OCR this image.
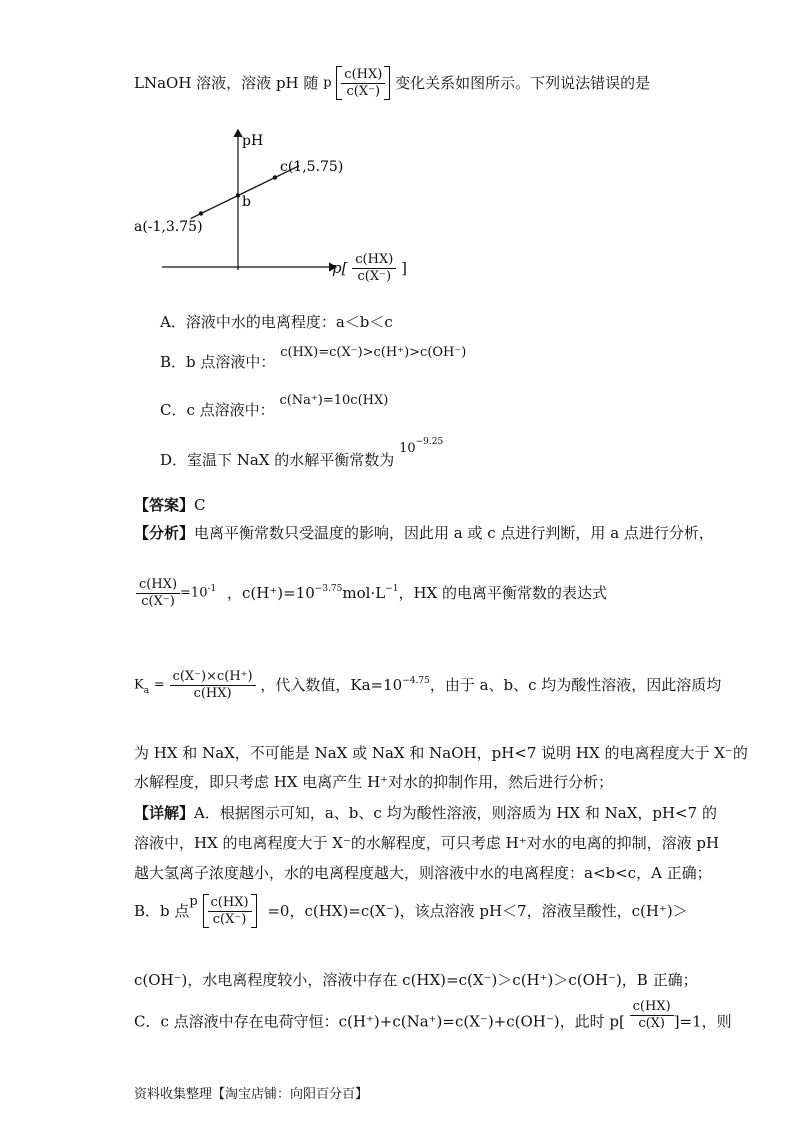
LNaOH 溶液，溶液 pH 随 p $\frac{c(HX)}{c(X^-)}$ 变化关系如图所示。下列说法错误的是
pH
a(-1,3.75)
b
c(1,5.75)
$p[ \frac{c(HX)}{c(X^-)}$ ]
A．溶液中水的电离程度：a＜b＜c
B．b 点溶液中： c(HX)=c(X⁻)>c(H⁺)>c(OH⁻)
C．c 点溶液中： c(Na⁺)=10c(HX)
D．室温下 NaX 的水解平衡常数为 $10^{-9.25}$
【答案】C
【分析】电离平衡常数只受温度的影响，因此用 a 或 c 点进行判断，用 a 点进行分析，
$\frac{c(HX)}{c(X^-)} =10^{-1}$ ，$c(H^+)=10^{-3.75}mol\cdot L^{-1}$，HX 的电离平衡常数的表达式
$K_a = \frac{c(X^-)\times c(H^+)}{c(HX)}$ ，代入数值，$Ka=10^{-4.75}$，由于 a、b、c 均为酸性溶液，因此溶质均
为 HX 和 NaX，不可能是 NaX 或 NaX 和 NaOH，pH<7 说明 HX 的电离程度大于 X⁻的
水解程度，即只考虑 HX 电离产生 H⁺对水的抑制作用，然后进行分析；
【详解】A．根据图示可知，a、b、c 均为酸性溶液，则溶质为 HX 和 NaX，pH<7 的
溶液中，HX 的电离程度大于 X⁻的水解程度，可只考虑 H⁺对水的电离的抑制，溶液 pH
越大氢离子浓度越小，水的电离程度越大，则溶液中水的电离程度：a<b<c，A 正确；
B．b 点p $\frac{c(HX)}{c(X^-)} =0$，c(HX)=c(X⁻)，该点溶液 pH＜7，溶液呈酸性，c(H⁺)＞
c(OH⁻)，水电离程度较小，溶液中存在 c(HX)=c(X⁻)＞c(H⁺)＞c(OH⁻)，B 正确；
C．c 点溶液中存在电荷守恒：c(H⁺)+c(Na⁺)=c(X⁻)+c(OH⁻)，此时 $p[ \frac{c(HX)}{c(X)} ]=1$，则
资料收集整理【淘宝店铺：向阳百分百】
